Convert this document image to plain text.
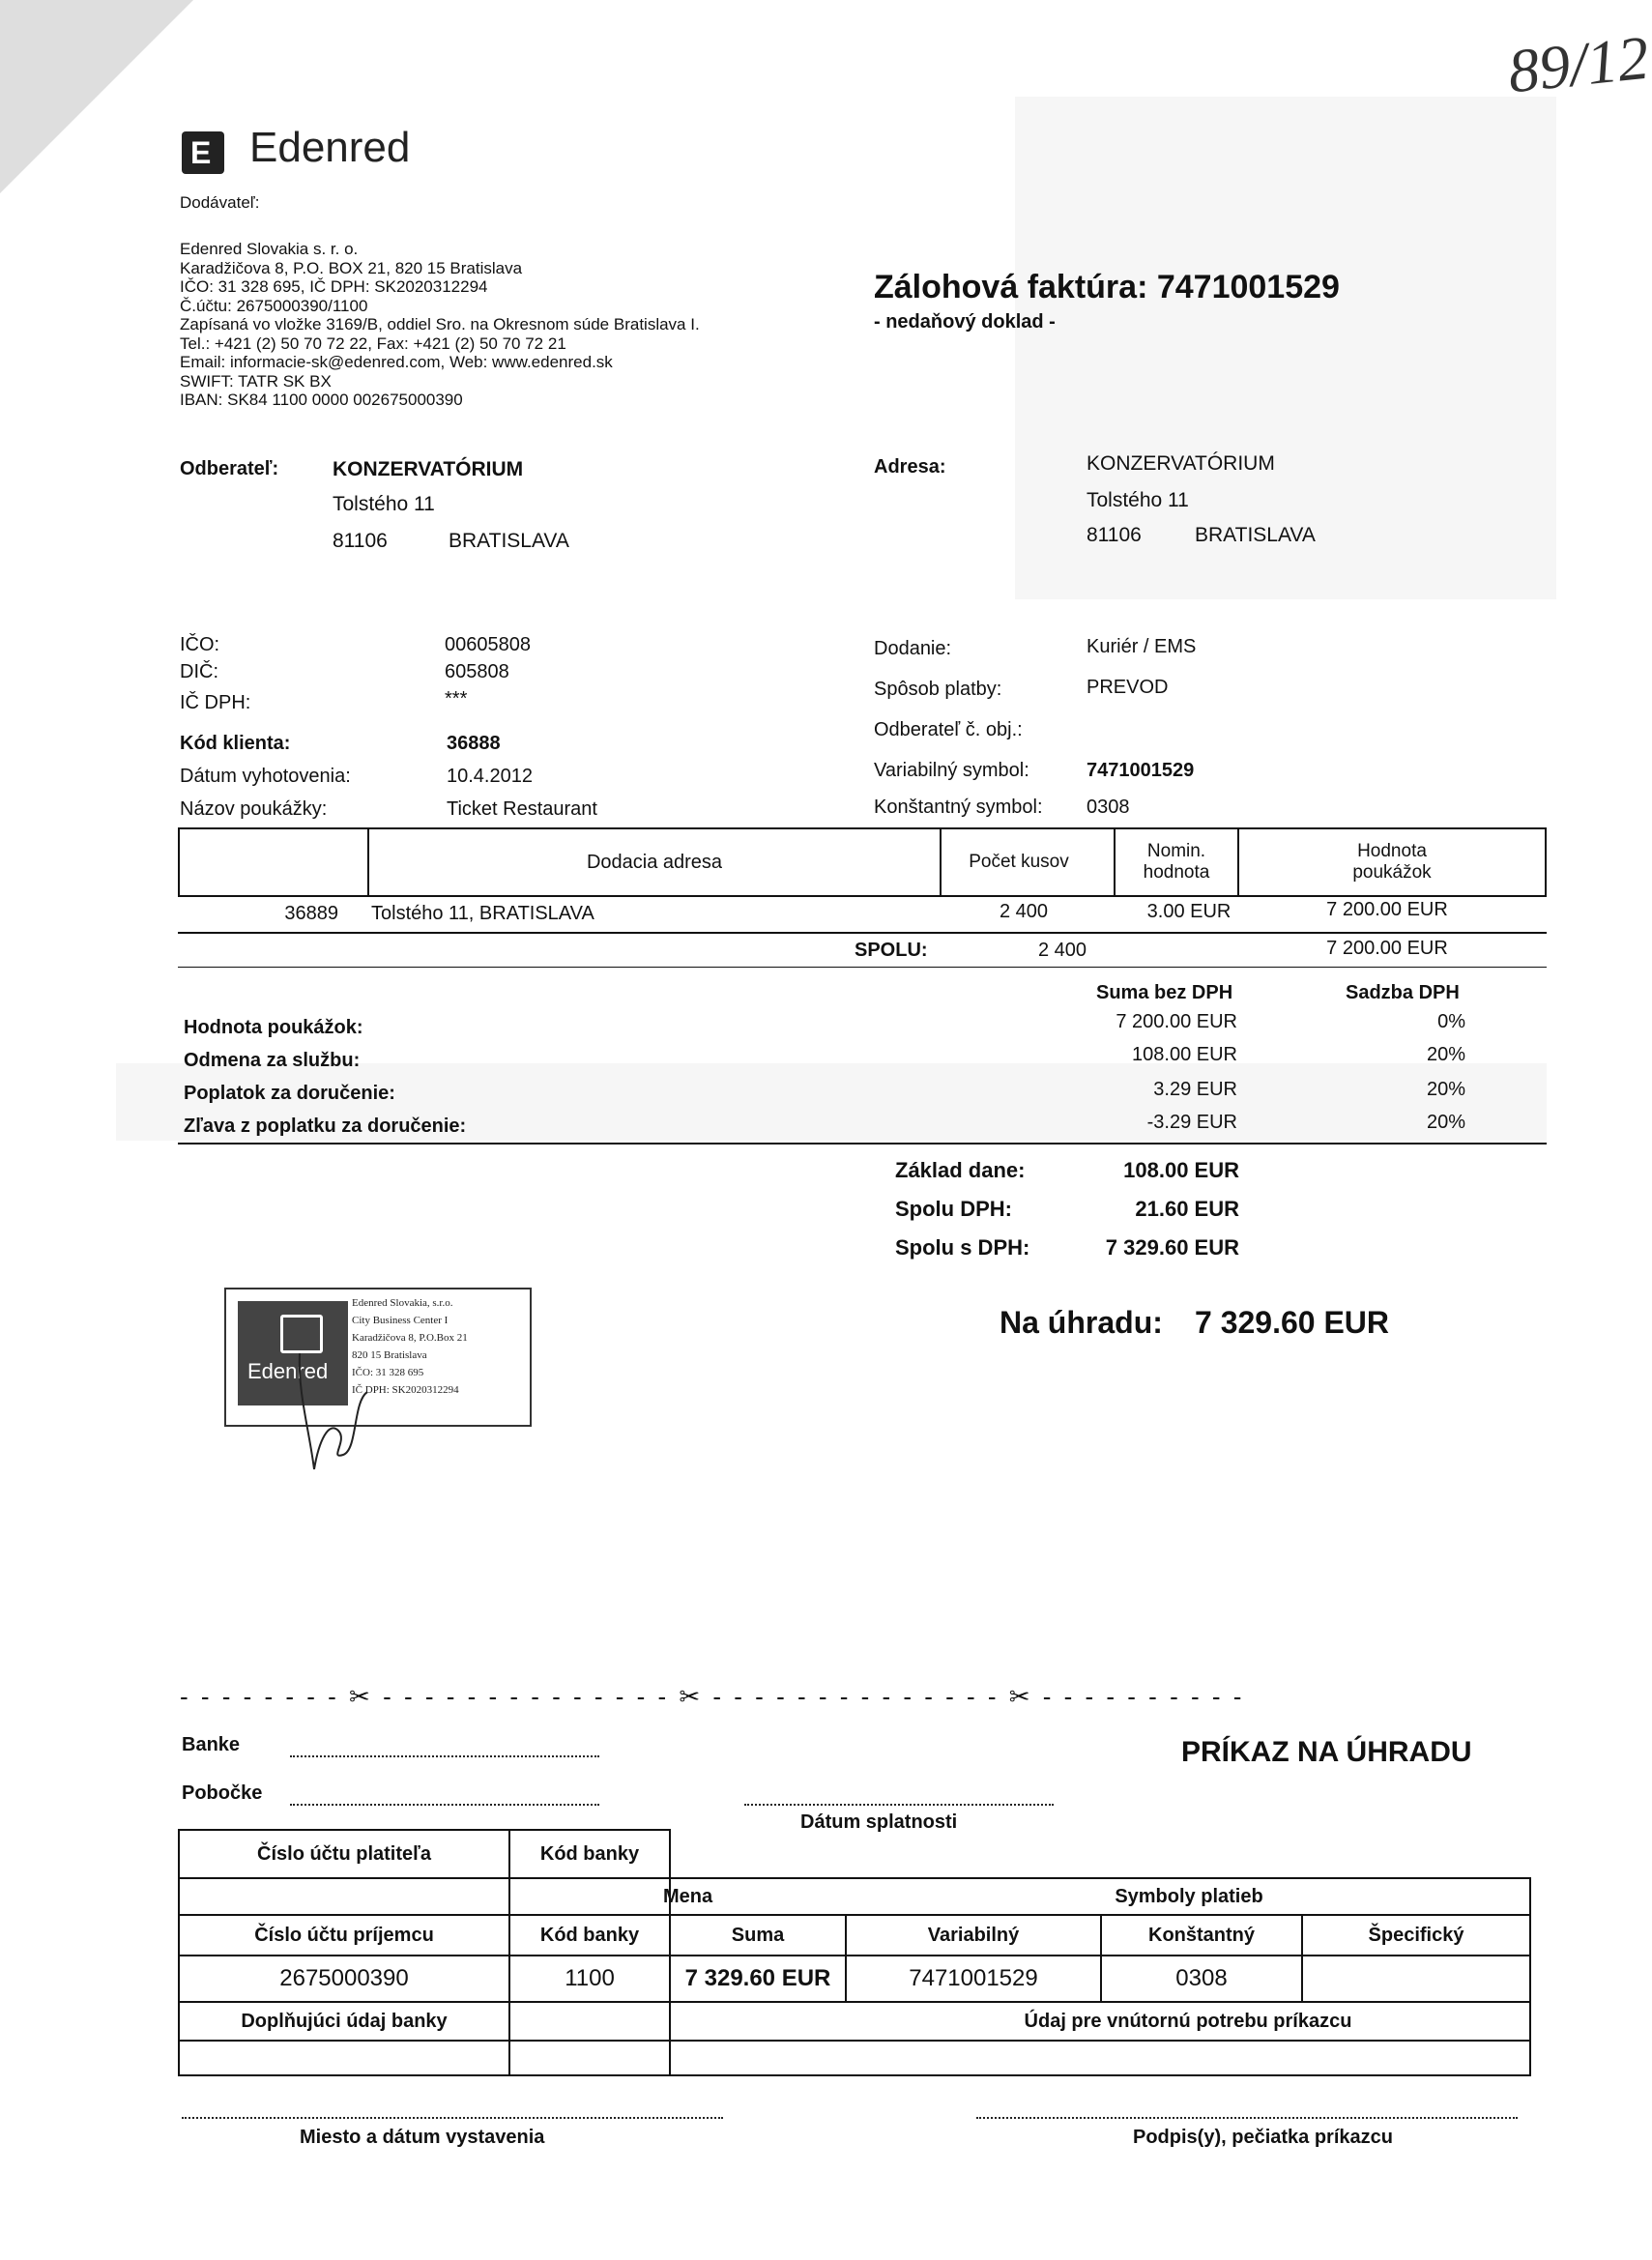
89/12
E Edenred
Dodávateľ:
Edenred Slovakia s. r. o.
Karadžičova 8, P.O. BOX 21, 820 15 Bratislava
IČO: 31 328 695, IČ DPH: SK2020312294
Č.účtu: 2675000390/1100
Zapísaná vo vložke 3169/B, oddiel Sro. na Okresnom súde Bratislava I.
Tel.: +421 (2) 50 70 72 22, Fax: +421 (2) 50 70 72 21
Email: informacie-sk@edenred.com, Web: www.edenred.sk
SWIFT: TATR SK BX
IBAN: SK84 1100 0000 002675000390
Zálohová faktúra: 7471001529
- nedaňový doklad -
Odberateľ:	KONZERVATÓRIUM
Tolstého 11
81106	BRATISLAVA
Adresa:	KONZERVATÓRIUM
Tolstého 11
81106	BRATISLAVA
IČO:	00605808
DIČ:	605808
IČ DPH:	***
Kód klienta:	36888
Dátum vyhotovenia:	10.4.2012
Názov poukážky:	Ticket Restaurant
Dodanie:	Kuriér / EMS
Spôsob platby:	PREVOD
Odberateľ č. obj.:
Variabilný symbol:	7471001529
Konštantný symbol: 0308
Dodacia adresa	Počet kusov
Nomin. hodnota
Hodnota poukážok
36889 Tolstého 11, BRATISLAVA	2 400	3.00 EUR	7 200.00 EUR
SPOLU:	2 400	7 200.00 EUR
Suma bez DPH	Sadzba DPH
Hodnota poukážok:	7 200.00 EUR	0%
Odmena za službu:	108.00 EUR	20%
Poplatok za doručenie:	3.29 EUR	20%
Zľava z poplatku za doručenie:	-3.29 EUR	20%
Základ dane:	108.00 EUR
Spolu DPH:	21.60 EUR
Spolu s DPH:	7 329.60 EUR
Na úhradu: 7 329.60 EUR
Edenred
Edenred Slovakia, s.r.o.
City Business Center I
Karadžičova 8, P.O.Box 21
820 15 Bratislava
IČO: 31 328 695
IČ DPH: SK2020312294
- - - - - - - - ✂ - - - - - - - - - - - - - - ✂ - - - - - - - - - - - - - - ✂ - - - - - - - - - -
Banke
Pobočke
Dátum splatnosti
PRÍKAZ NA ÚHRADU
Číslo účtu platiteľa	Kód banky
Mena	Symboly platieb
Číslo účtu príjemcu	Kód banky	Suma	Variabilný	Konštantný	Špecifický
2675000390	1100	7 329.60 EUR	7471001529	0308
Doplňujúci údaj banky	Údaj pre vnútornú potrebu príkazcu
Miesto a dátum vystavenia	Podpis(y), pečiatka príkazcu
